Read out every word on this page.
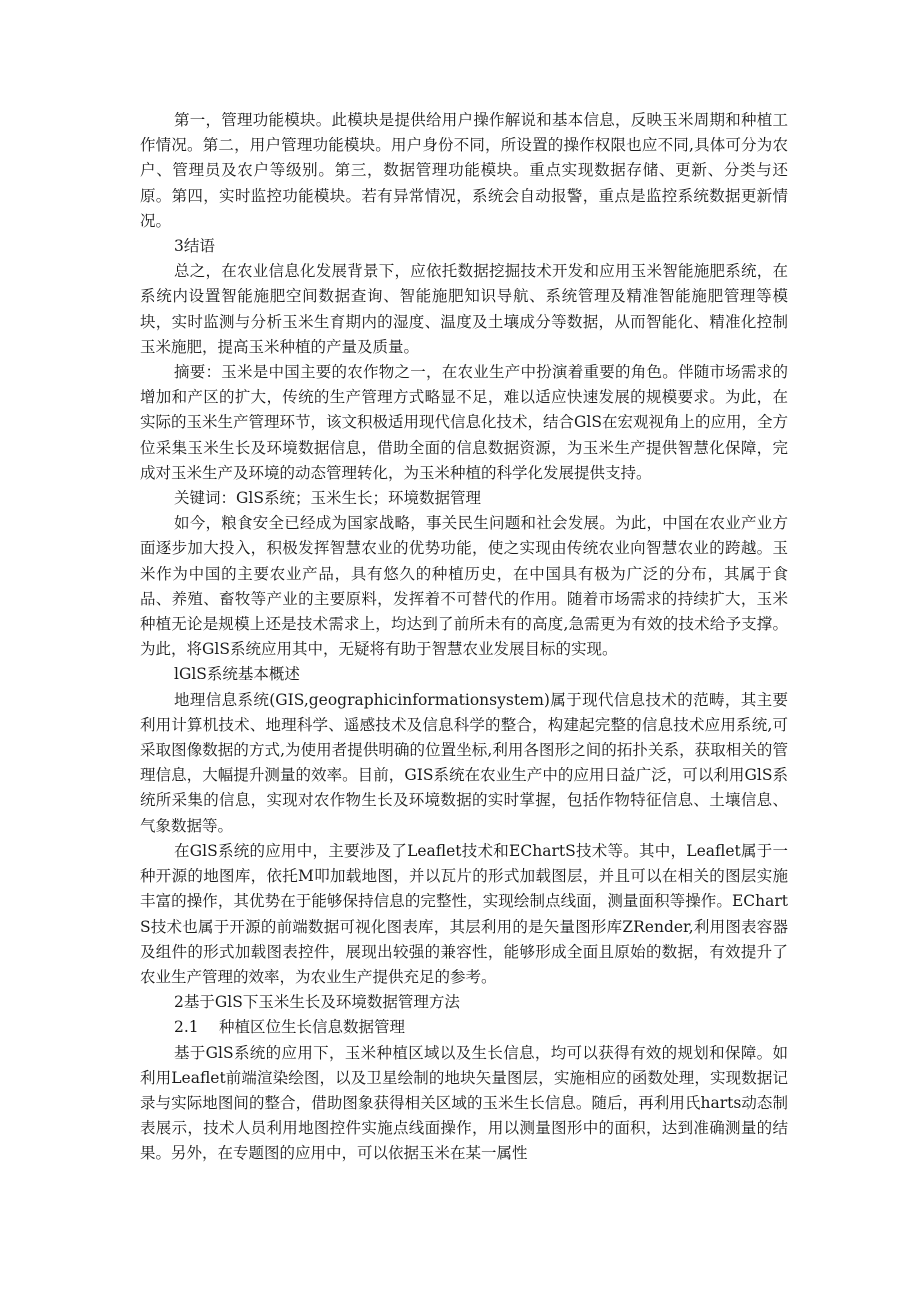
第一，管理功能模块。此模块是提供给用户操作解说和基本信息，反映玉米周期和种植工作情况。第二，用户管理功能模块。用户身份不同，所设置的操作权限也应不同,具体可分为农户、管理员及农户等级别。第三，数据管理功能模块。重点实现数据存储、更新、分类与还原。第四，实时监控功能模块。若有异常情况，系统会自动报警，重点是监控系统数据更新情况。

3结语

总之，在农业信息化发展背景下，应依托数据挖掘技术开发和应用玉米智能施肥系统，在系统内设置智能施肥空间数据查询、智能施肥知识导航、系统管理及精准智能施肥管理等模块，实时监测与分析玉米生育期内的湿度、温度及土壤成分等数据，从而智能化、精准化控制玉米施肥，提高玉米种植的产量及质量。

摘要：玉米是中国主要的农作物之一，在农业生产中扮演着重要的角色。伴随市场需求的增加和产区的扩大，传统的生产管理方式略显不足，难以适应快速发展的规模要求。为此，在实际的玉米生产管理环节，该文积极适用现代信息化技术，结合GlS在宏观视角上的应用，全方位采集玉米生长及环境数据信息，借助全面的信息数据资源，为玉米生产提供智慧化保障，完成对玉米生产及环境的动态管理转化，为玉米种植的科学化发展提供支持。

关键词：GlS系统；玉米生长；环境数据管理

如今，粮食安全已经成为国家战略，事关民生问题和社会发展。为此，中国在农业产业方面逐步加大投入，积极发挥智慧农业的优势功能，使之实现由传统农业向智慧农业的跨越。玉米作为中国的主要农业产品，具有悠久的种植历史，在中国具有极为广泛的分布，其属于食品、养殖、畜牧等产业的主要原料，发挥着不可替代的作用。随着市场需求的持续扩大，玉米种植无论是规模上还是技术需求上，均达到了前所未有的高度,急需更为有效的技术给予支撑。为此，将GlS系统应用其中，无疑将有助于智慧农业发展目标的实现。

lGlS系统基本概述

地理信息系统(GIS,geographicinformationsystem)属于现代信息技术的范畴，其主要利用计算机技术、地理科学、遥感技术及信息科学的整合，构建起完整的信息技术应用系统,可采取图像数据的方式,为使用者提供明确的位置坐标,利用各图形之间的拓扑关系，获取相关的管理信息，大幅提升测量的效率。目前，GIS系统在农业生产中的应用日益广泛，可以利用GlS系统所采集的信息，实现对农作物生长及环境数据的实时掌握，包括作物特征信息、土壤信息、气象数据等。

在GlS系统的应用中，主要涉及了Leaflet技术和EChartS技术等。其中，Leaflet属于一种开源的地图库，依托M叩加载地图，并以瓦片的形式加载图层，并且可以在相关的图层实施丰富的操作，其优势在于能够保持信息的完整性，实现绘制点线面，测量面积等操作。EChartS技术也属于开源的前端数据可视化图表库，其层利用的是矢量图形库ZRender,利用图表容器及组件的形式加载图表控件，展现出较强的兼容性，能够形成全面且原始的数据，有效提升了农业生产管理的效率，为农业生产提供充足的参考。

2基于GlS下玉米生长及环境数据管理方法

2.1 种植区位生长信息数据管理

基于GlS系统的应用下，玉米种植区域以及生长信息，均可以获得有效的规划和保障。如利用Leaflet前端渲染绘图，以及卫星绘制的地块矢量图层，实施相应的函数处理，实现数据记录与实际地图间的整合，借助图象获得相关区域的玉米生长信息。随后，再利用氏harts动态制表展示，技术人员利用地图控件实施点线面操作，用以测量图形中的面积，达到准确测量的结果。另外，在专题图的应用中，可以依据玉米在某一属性
